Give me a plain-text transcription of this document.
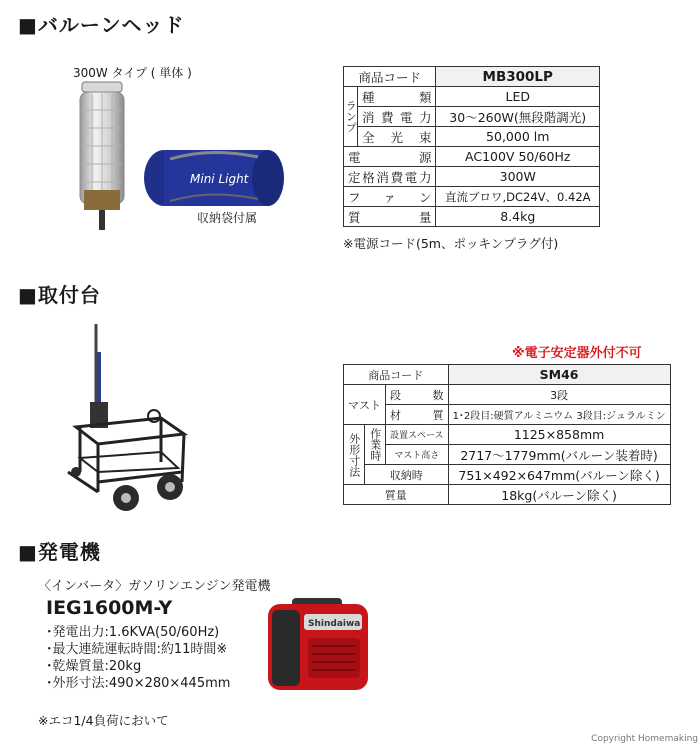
■バルーンヘッド
300W タイプ ( 単体 )
Mini Light
収納袋付属
商品コード		MB300LP
ランプ	種類	LED
	消費電力	30〜260W(無段階調光)
	全光束	50,000 lm
電源		AC100V 50/60Hz
定格消費電力		300W
ファン		直流ブロワ,DC24V、0.42A
質量		8.4kg
※電源コード(5m、ポッキンプラグ付)
■取付台
※電子安定器外付不可
商品コード			SM46
マスト		段数	3段
		材質	1･2段目:硬質アルミニウム 3段目:ジュラルミン
外形寸法	作業時	設置スペース	1125×858mm
		マスト高さ	2717〜1779mm(バルーン装着時)
	収納時		751×492×647mm(バルーン除く)
質量			18kg(バルーン除く)
■発電機
〈インバータ〉ガソリンエンジン発電機
IEG1600M-Y
･発電出力:1.6KVA(50/60Hz)
･最大連続運転時間:約11時間※
･乾燥質量:20kg
･外形寸法:490×280×445mm
Shindaiwa
※エコ1/4負荷において
Copyright Homemaking
